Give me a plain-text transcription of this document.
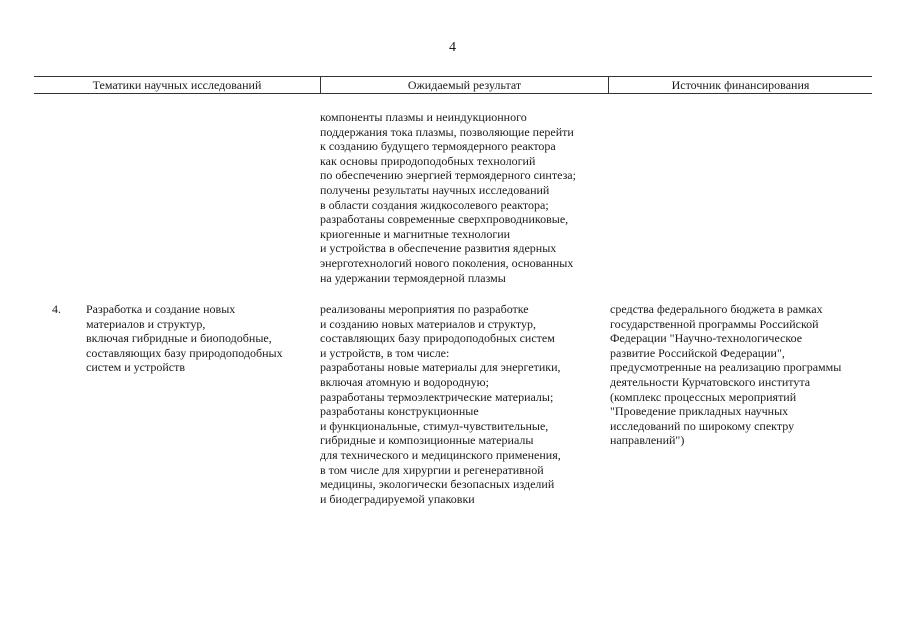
4
Тематики научных исследований	Ожидаемый результат	Источник финансирования
компоненты плазмы и неиндукционного
поддержания тока плазмы, позволяющие перейти
к созданию будущего термоядерного реактора
как основы природоподобных технологий
по обеспечению энергией термоядерного синтеза;
получены результаты научных исследований
в области создания жидкосолевого реактора;
разработаны современные сверхпроводниковые,
криогенные и магнитные технологии
и устройства в обеспечение развития ядерных
энерготехнологий нового поколения, основанных
на удержании термоядерной плазмы
4. Разработка и создание новых
материалов и структур,
включая гибридные и биоподобные,
составляющих базу природоподобных
систем и устройств
реализованы мероприятия по разработке
и созданию новых материалов и структур,
составляющих базу природоподобных систем
и устройств, в том числе:
разработаны новые материалы для энергетики,
включая атомную и водородную;
разработаны термоэлектрические материалы;
разработаны конструкционные
и функциональные, стимул-чувствительные,
гибридные и композиционные материалы
для технического и медицинского применения,
в том числе для хирургии и регенеративной
медицины, экологически безопасных изделий
и биодеградируемой упаковки
средства федерального бюджета в рамках
государственной программы Российской
Федерации "Научно-технологическое
развитие Российской Федерации",
предусмотренные на реализацию программы
деятельности Курчатовского института
(комплекс процессных мероприятий
"Проведение прикладных научных
исследований по широкому спектру
направлений")
